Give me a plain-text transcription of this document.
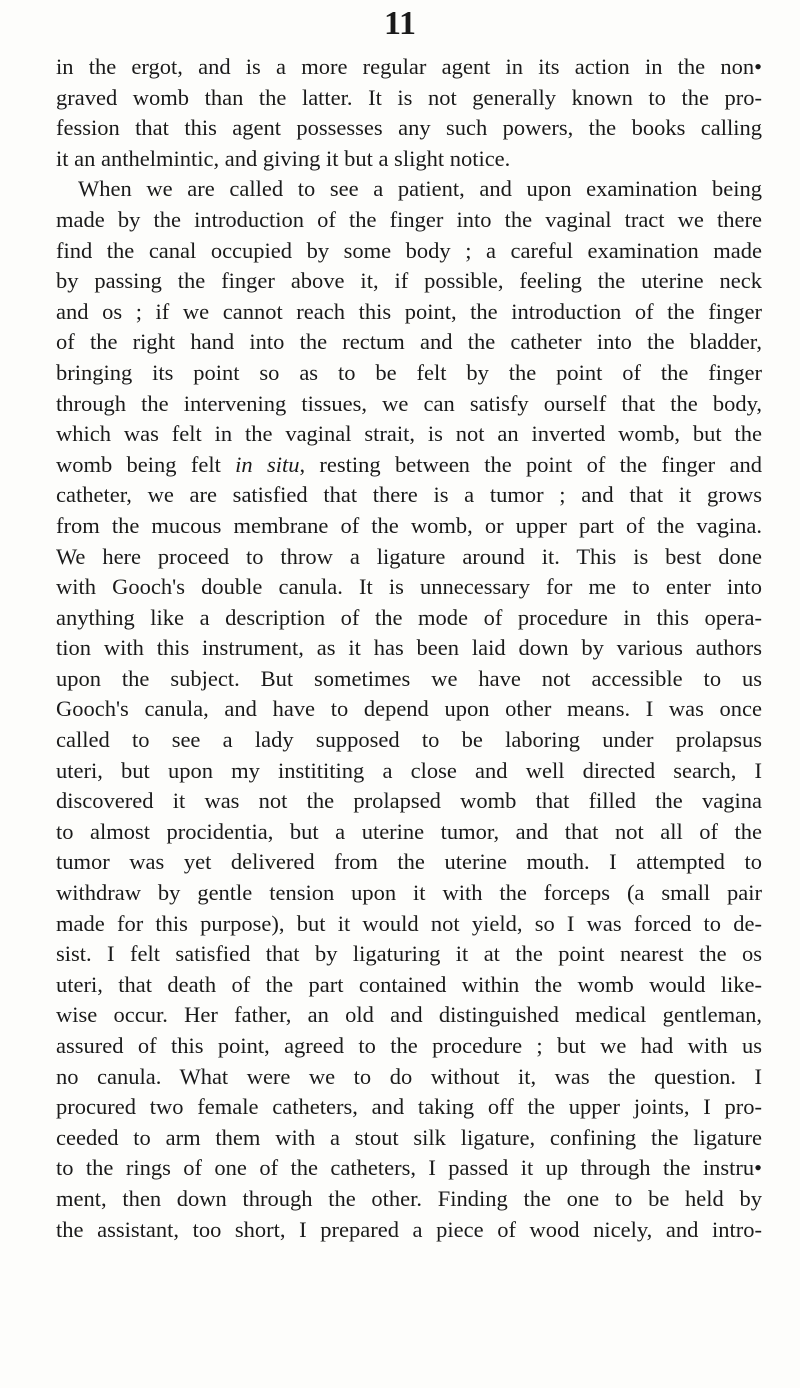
11
in the ergot, and is a more regular agent in its action in the non•
graved womb than the latter. It is not generally known to the pro-
fession that this agent possesses any such powers, the books calling
it an anthelmintic, and giving it but a slight notice.
When we are called to see a patient, and upon examination being
made by the introduction of the finger into the vaginal tract we there
find the canal occupied by some body ; a careful examination made
by passing the finger above it, if possible, feeling the uterine neck
and os ; if we cannot reach this point, the introduction of the finger
of the right hand into the rectum and the catheter into the bladder,
bringing its point so as to be felt by the point of the finger
through the intervening tissues, we can satisfy ourself that the body,
which was felt in the vaginal strait, is not an inverted womb, but the
womb being felt in situ, resting between the point of the finger and
catheter, we are satisfied that there is a tumor ; and that it grows
from the mucous membrane of the womb, or upper part of the vagina.
We here proceed to throw a ligature around it. This is best done
with Gooch's double canula. It is unnecessary for me to enter into
anything like a description of the mode of procedure in this opera-
tion with this instrument, as it has been laid down by various authors
upon the subject. But sometimes we have not accessible to us
Gooch's canula, and have to depend upon other means. I was once
called to see a lady supposed to be laboring under prolapsus
uteri, but upon my instititing a close and well directed search, I
discovered it was not the prolapsed womb that filled the vagina
to almost procidentia, but a uterine tumor, and that not all of the
tumor was yet delivered from the uterine mouth. I attempted to
withdraw by gentle tension upon it with the forceps (a small pair
made for this purpose), but it would not yield, so I was forced to de-
sist. I felt satisfied that by ligaturing it at the point nearest the os
uteri, that death of the part contained within the womb would like-
wise occur. Her father, an old and distinguished medical gentleman,
assured of this point, agreed to the procedure ; but we had with us
no canula. What were we to do without it, was the question. I
procured two female catheters, and taking off the upper joints, I pro-
ceeded to arm them with a stout silk ligature, confining the ligature
to the rings of one of the catheters, I passed it up through the instru•
ment, then down through the other. Finding the one to be held by
the assistant, too short, I prepared a piece of wood nicely, and intro-
